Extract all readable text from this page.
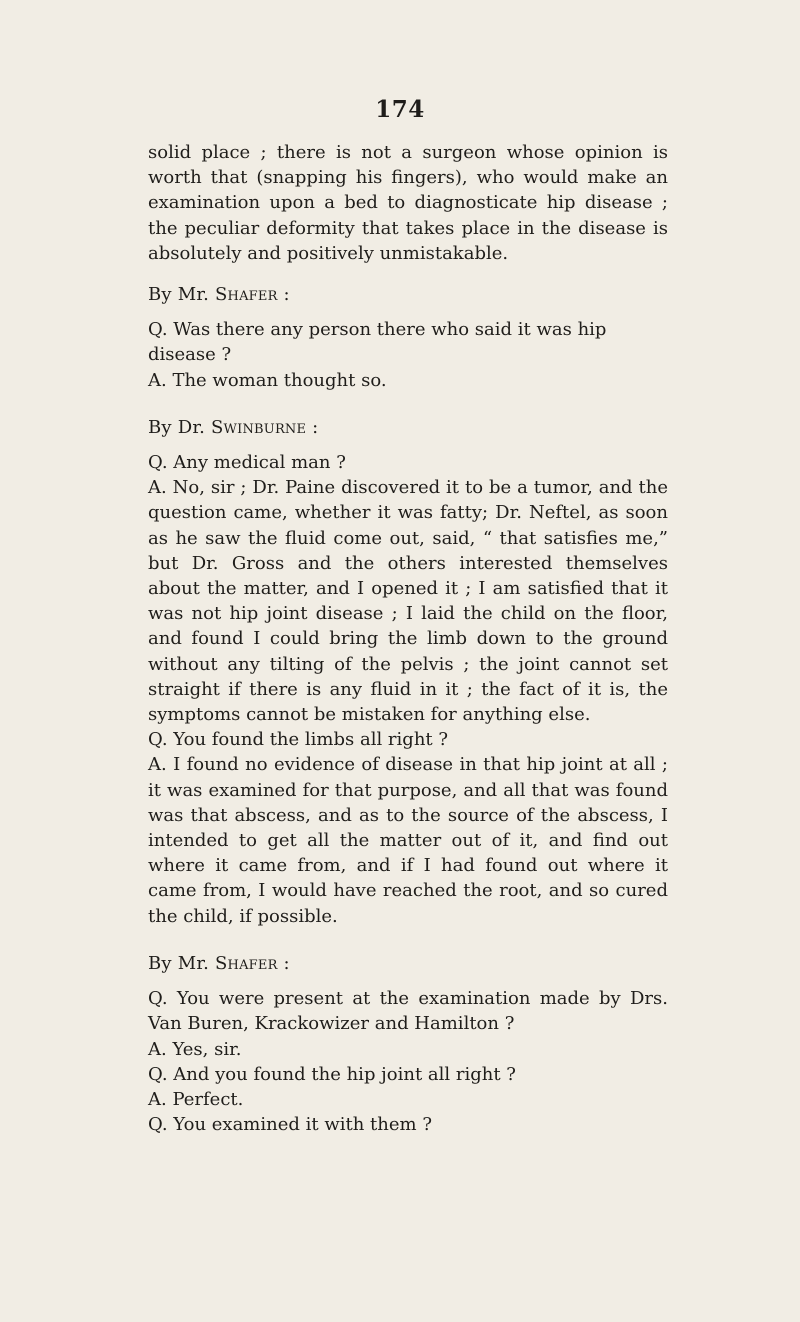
174

solid place ; there is not a surgeon whose opinion is worth that (snapping his fingers), who would make an examination upon a bed to diagnosticate hip disease ; the peculiar deformity that takes place in the disease is absolutely and positively unmistakable.

By Mr. Shafer :

Q. Was there any person there who said it was hip disease ?

A. The woman thought so.

By Dr. Swinburne :

Q. Any medical man ?

A. No, sir ; Dr. Paine discovered it to be a tumor, and the question came, whether it was fatty; Dr. Neftel, as soon as he saw the fluid come out, said, “ that satisfies me,” but Dr. Gross and the others interested themselves about the matter, and I opened it ; I am satisfied that it was not hip joint disease ; I laid the child on the floor, and found I could bring the limb down to the ground without any tilting of the pelvis ; the joint cannot set straight if there is any fluid in it ; the fact of it is, the symptoms cannot be mistaken for anything else.

Q. You found the limbs all right ?

A. I found no evidence of disease in that hip joint at all ; it was examined for that purpose, and all that was found was that abscess, and as to the source of the abscess, I intended to get all the matter out of it, and find out where it came from, and if I had found out where it came from, I would have reached the root, and so cured the child, if possible.

By Mr. Shafer :

Q. You were present at the examination made by Drs. Van Buren, Krackowizer and Hamilton ?

A. Yes, sir.

Q. And you found the hip joint all right ?

A. Perfect.

Q. You examined it with them ?
